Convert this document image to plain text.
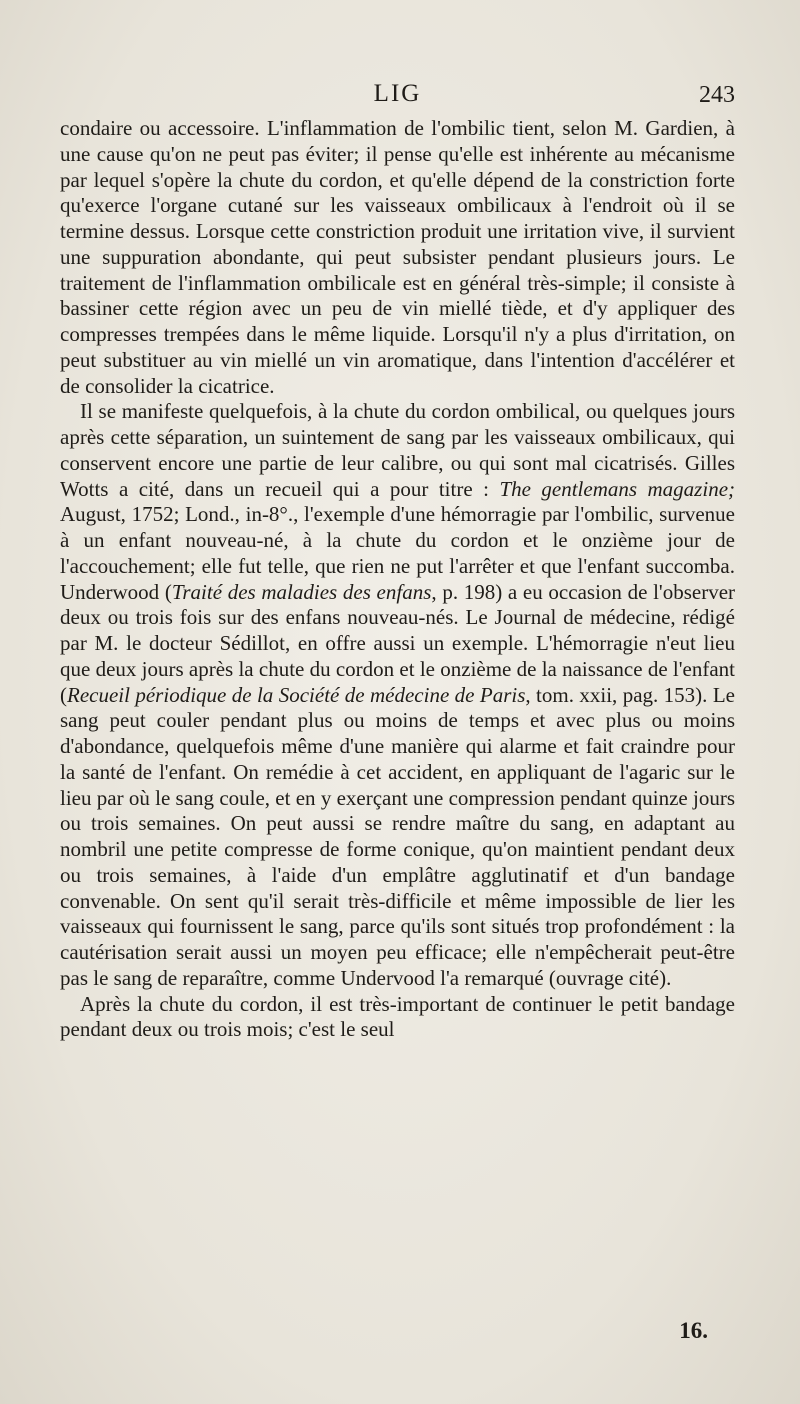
LIG	243

condaire ou accessoire. L'inflammation de l'ombilic tient, selon M. Gardien, à une cause qu'on ne peut pas éviter; il pense qu'elle est inhérente au mécanisme par lequel s'opère la chute du cordon, et qu'elle dépend de la constriction forte qu'exerce l'organe cutané sur les vaisseaux ombilicaux à l'endroit où il se termine dessus. Lorsque cette constriction produit une irritation vive, il survient une suppuration abondante, qui peut subsister pendant plusieurs jours. Le traitement de l'inflammation ombilicale est en général très-simple; il consiste à bassiner cette région avec un peu de vin miellé tiède, et d'y appliquer des compresses trempées dans le même liquide. Lorsqu'il n'y a plus d'irritation, on peut substituer au vin miellé un vin aromatique, dans l'intention d'accélérer et de consolider la cicatrice.

Il se manifeste quelquefois, à la chute du cordon ombilical, ou quelques jours après cette séparation, un suintement de sang par les vaisseaux ombilicaux, qui conservent encore une partie de leur calibre, ou qui sont mal cicatrisés. Gilles Wotts a cité, dans un recueil qui a pour titre : The gentlemans magazine; August, 1752; Lond., in-8°., l'exemple d'une hémorragie par l'ombilic, survenue à un enfant nouveau-né, à la chute du cordon et le onzième jour de l'accouchement; elle fut telle, que rien ne put l'arrêter et que l'enfant succomba. Underwood (Traité des maladies des enfans, p. 198) a eu occasion de l'observer deux ou trois fois sur des enfans nouveau-nés. Le Journal de médecine, rédigé par M. le docteur Sédillot, en offre aussi un exemple. L'hémorragie n'eut lieu que deux jours après la chute du cordon et le onzième de la naissance de l'enfant (Recueil périodique de la Société de médecine de Paris, tom. xxii, pag. 153). Le sang peut couler pendant plus ou moins de temps et avec plus ou moins d'abondance, quelquefois même d'une manière qui alarme et fait craindre pour la santé de l'enfant. On remédie à cet accident, en appliquant de l'agaric sur le lieu par où le sang coule, et en y exerçant une compression pendant quinze jours ou trois semaines. On peut aussi se rendre maître du sang, en adaptant au nombril une petite compresse de forme conique, qu'on maintient pendant deux ou trois semaines, à l'aide d'un emplâtre agglutinatif et d'un bandage convenable. On sent qu'il serait très-difficile et même impossible de lier les vaisseaux qui fournissent le sang, parce qu'ils sont situés trop profondément : la cautérisation serait aussi un moyen peu efficace; elle n'empêcherait peut-être pas le sang de reparaître, comme Undervood l'a remarqué (ouvrage cité).

Après la chute du cordon, il est très-important de continuer le petit bandage pendant deux ou trois mois; c'est le seul

16.
